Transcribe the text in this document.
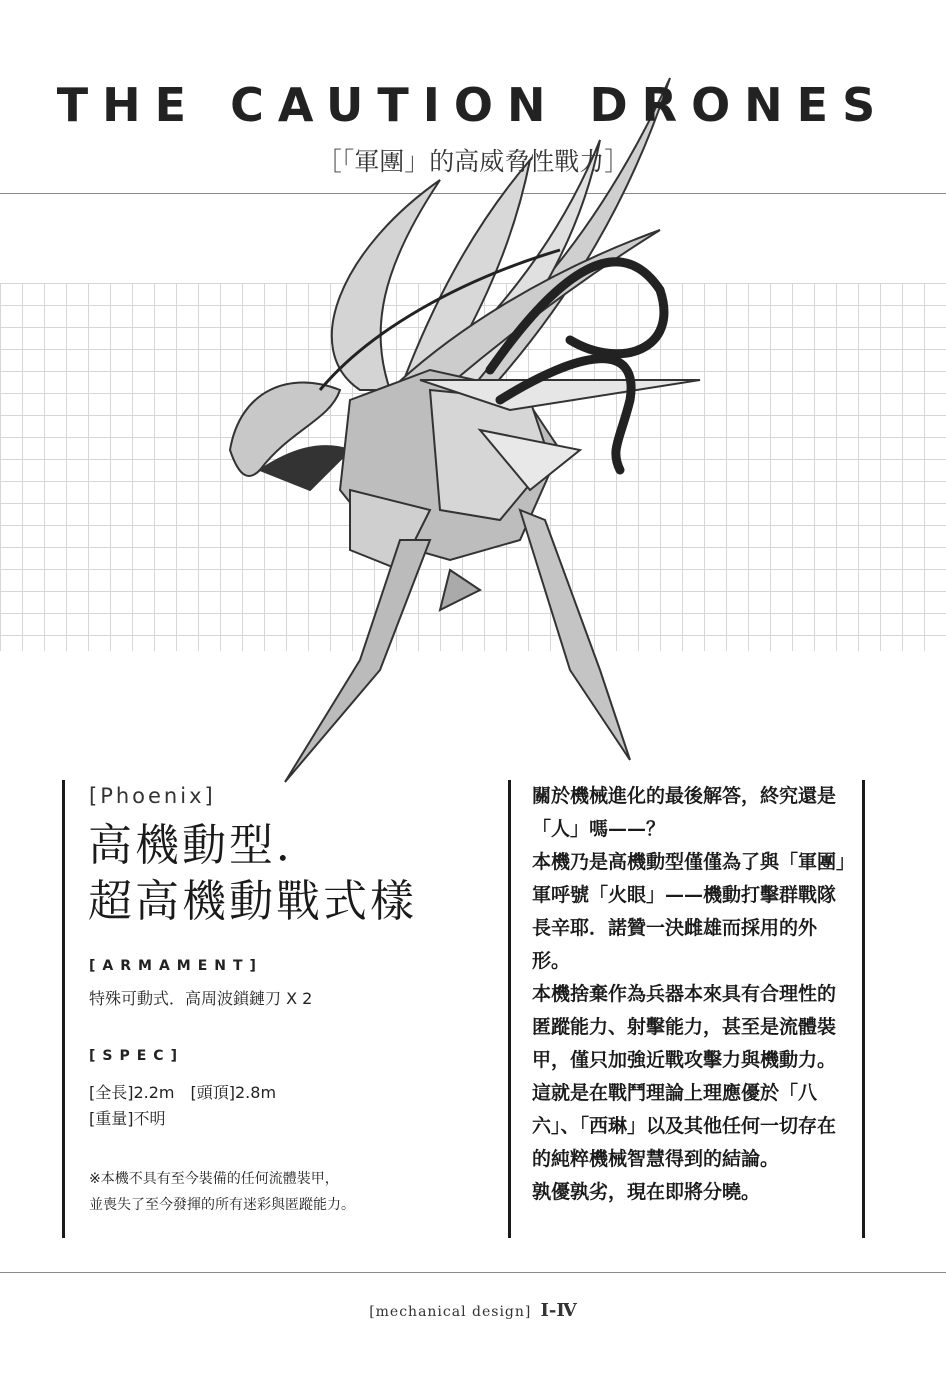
THE CAUTION DRONES
［「軍團」的高威脅性戰力］
[Phoenix]
高機動型．
超高機動戰式樣
[ARMAMENT]
特殊可動式．高周波鎖鏈刀 X 2
[SPEC]
[全長]2.2m　[頭頂]2.8m
[重量]不明
※本機不具有至今裝備的任何流體裝甲，
並喪失了至今發揮的所有迷彩與匿蹤能力。

關於機械進化的最後解答，終究還是「人」嗎——？

本機乃是高機動型僅僅為了與「軍團」軍呼號「火眼」——機動打擊群戰隊長辛耶．諾贊一決雌雄而採用的外形。

本機捨棄作為兵器本來具有合理性的匿蹤能力、射擊能力，甚至是流體裝甲，僅只加強近戰攻擊力與機動力。這就是在戰鬥理論上理應優於「八六」、「西琳」以及其他任何一切存在的純粹機械智慧得到的結論。

孰優孰劣，現在即將分曉。

[mechanical design] Ⅰ-Ⅳ
